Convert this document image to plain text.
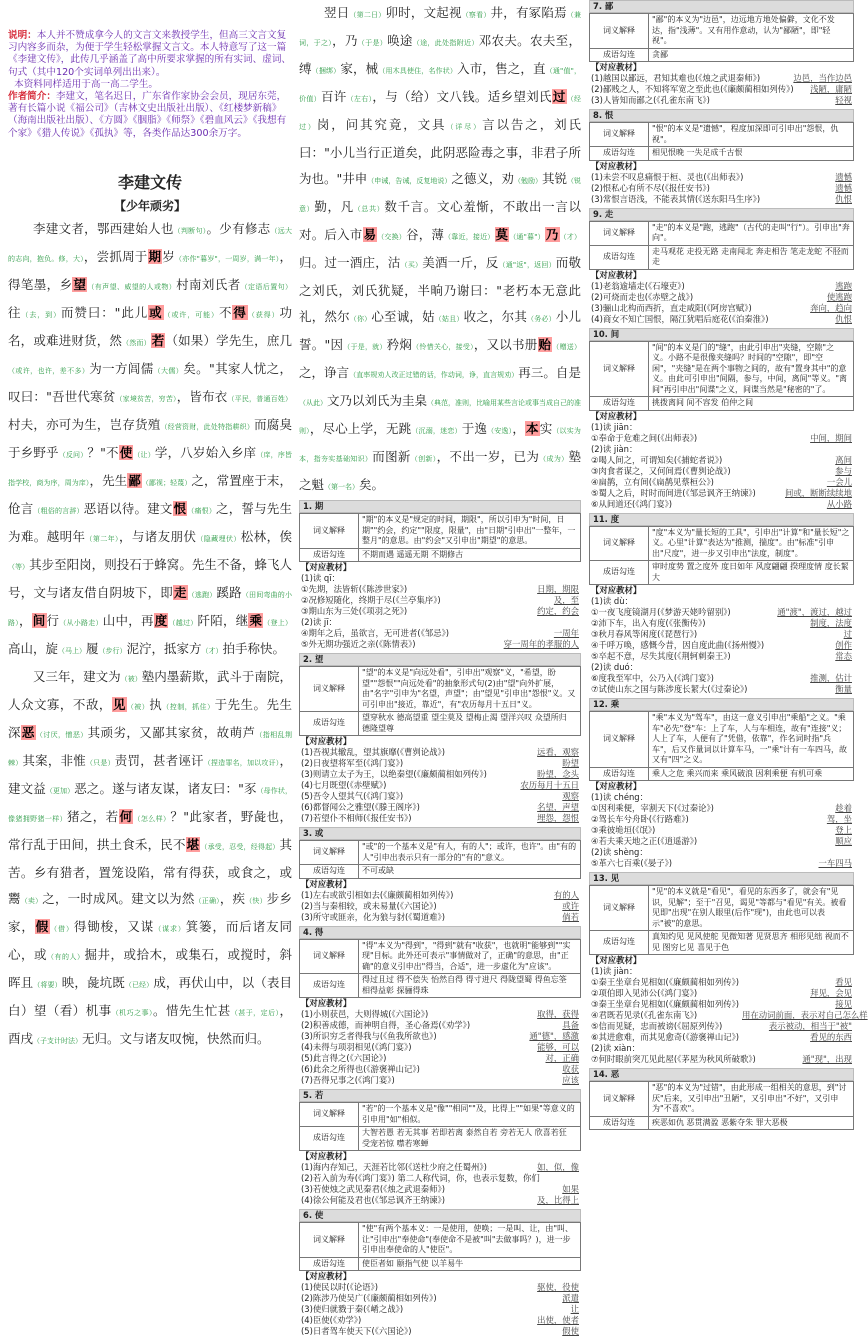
说明：本人并不赞成拿今人的文言文来教授学生，但高三文言文复习内容多而杂，为便于学生轻松掌握文言文。本人特意写了这一篇《李建文传》，此传几乎涵盖了高中所要求掌握的所有实词、虚词、句式（其中120个实词单列出出来）。
本资料同样适用于高一高二学生。
作者简介：李建文，笔名迟日，广东省作家协会会员，现居东莞，著有长篇小说《福公司》（吉林文史出版社出版）、《红楼梦新稿》（海南出版社出版）、《方圆》《胭脂》《师祭》《碧血风云》《我想有个家》《猎人传说》《孤执》等，各类作品达300余万字。
李建文传
【少年顽劣】

李建文者，鄂西建始人也（判断句）。少有修志（远大的志向，抱负。修，大），尝抓周于期岁（亦作"暮岁"，一周岁，满一年），得笔墨，乡望（有声望、威望的人或物）村南刘氏者（定语后置句）往（去，到）而赞曰："此儿或（或许，可能）不得（获得）功名，或难进财货，然（然而）若（如果）学先生，庶几（或许，也许，差不多）为一方闾儒（大儒）矣。"其家人忧之，叹曰："吾世代寒贫（家境贫苦，穷苦），皆布衣（平民，普通百姓）村夫，亦可为生，岂存货殖（经营资财，此处特指耕织）而腐臭于乡野乎（反问）？"不使（让）学，八岁始入乡庠（庠，序皆指学校，商为序，周为庠），先生鄙（鄙视；轻蔑）之，常置座于末，伧言（粗俗的言辞）恶语以待。建文恨（痛恨）之，誓与先生为难。越明年（第二年），与诸友朋伏（隐藏埋伏）松林，俟（等）其步至阳岗，则投石于蜂窝。先生不备，蜂飞人号，文与诸友借自阴坡下，即走（逃跑）蹊路（田间弯曲的小路），间行（从小路走）山中，再度（越过）阡陌，继乘（登上）高山，旋（马上）履（步行）泥泞，抵家方（才）拍手称快。

又三年，建文为（被）塾内墨薪欺，武斗于南院，人众文寡，不敌，见（被）执（控制，抓住）于先生。先生深恶（讨厌，憎恶）其顽劣，又鄙其家贫，故萌芦（指相乱荆棘）其案，非惟（只是）责罚，甚者诬讦（捏造罪名，加以攻讦），建文益（更加）恶之。遂与诸友谋，诸友曰："豕（母作状，像猪拥野猪一样）猪之，若何（怎么样）？"此家者，野彘也，常行乱于田间，拱土食禾，民不堪（承受，忍受，经得起）其苦。乡有猎者，置笼设陷，常有得获，或食之，或鬻（卖）之，一时成风。建文以为然（正确），疾（快）步乡家，假（借）得锄梭，又谋（谋求）箕篓，而后诸友同心，或（有的人）掘井，或拾木，或集石，或搅时，斜晖且（将要）映，彘坑既（已经）成，再伏山中，以（表目白）望（看）机事（机巧之事）。惜先生忙甚（甚于，定后），酉戌（子支计时法）无归。文与诸友叹惋，快然而归。

翌日（第二日）卯时，文起视（察看）井，有冢陷焉（兼词，于之），乃（于是）唤途（途，此处指附近）邓农夫。农夫至，缚（捆绑）家，械（用木具使住，名作状）入市，售之，直（通"值"，价值）百许（左右），与（给）文八钱。适乡望刘氏过（经过）岗，问其究竟，文具（详尽）言以告之，刘氏曰："小儿当行正道矣，此阴恶险毒之事，非君子所为也。"井申（申诫，告诫，反复地说）之德义，劝（勉励）其锐（锐意）勤，凡（总共）数千言。文心羞惭，不敢出一言以对。后入市易（交换）谷，薄（靠近，接近）莫（通"暮"）乃（才）归。过一酒庄，沽（买）美酒一斤，反（通"返"，返回）而敬之刘氏，刘氏犹疑，半晌乃谢曰："老朽本无意此礼，然尔（你）心至诚，姑（姑且）收之，尔其（务必）小儿誓。"因（于是，就）矜焖（怜惜关心，接受），又以书册贻（赠送）之，诤言（直率规劝人改正过错的话，作动词，诤，直言规劝）再三。自是（从此）文乃以刘氏为圭臬（典范，准则，比喻用某些言论或事当成自己的准则），尽心上学，无跳（沉溺，迷恋）于逸（安逸），本实（以实为本，指夯实基础知识）而图新（创新），不出一岁，已为（成为）塾之魁（第一名）矣。

1. 期
词义解释	"期"的本义是"规定的时间，期限"，所以引申为"时间，日期""约会，约定""限度，限量"，由"日期"引申出"一整年，一整月"的意思。由"约会"又引申出"期望"的意思。
成语勾连	不期而遇 遥遥无期 不期修古
【对应教材】
(1)读 qī：
①先期，法皆斩(《陈涉世家》)	日期，期限
②况修短随化，终期于尽(《兰亭集序》)	及，至
③期山东为三处(《项羽之死》)	约定，约会
(2)读 jī：
④期年之后，虽欲言，无可进者(《邹忌》)	一周年
⑤外无期功强近之亲(《陈情表》)	穿一周年的孝服的人
2. 望
词义解释	"望"的本义是"向远处看"，引申出"观察"义，"希望，盼望""怨恨""向远处看"的抽象形式句(2)由"望"向外扩展，由"名字"引申为"名望，声望"；由"望见"引申出"怨恨"义。又可引申出"接近，靠近"，有"农历每月十五日"义。
成语勾连	望穿秋水 德高望重 望尘莫及 望梅止渴 望洋兴叹 众望所归 德隆望尊
【对应教材】
(1)吾视其辙乱，望其旗靡(《曹刿论战》)	远看，观察
(2)日夜望将军至(《鸿门宴》)	盼望
(3)则请立太子为王，以绝秦望(《廉颇蔺相如列传》)	盼望，念头
(4)七月既望(《赤壁赋》)	农历每月十五日
(5)吾令人望其气(《鸿门宴》)	观察
(6)都督闻公之雅望(《滕王阁序》)	名望，声望
(7)若望仆不相师(《报任安书》)	埋怨，怨恨
3. 或
词义解释	"或"的一个基本义是"有人，有的人"；或许，也许"。由"有的人"引申出表示只有一部分的"有的"意义。
成语勾连	不可或缺
【对应教材】
(1)左右或欲引相如去(《廉颇蔺相如列传》)	有的人
(2)当与秦相较，或未易量(《六国论》)	或许
(3)所守或匪亲，化为狼与豺(《蜀道难》)	倘若
4. 得
词义解释	"得"本义为"得到"，"得到"就有"收获"，也就明"能够到""实现"目标。此外还可表示"事情做对了，正确"的意思，由"正确"的意义引申出"得当，合适"，进一步虚化为"应该"。
成语勾连	得过且过 得不偿失 怡然自得 得寸进尺 得陇望蜀 得鱼忘筌 相得益彰 探骊得珠
【对应教材】
(1)小则获邑，大则得城(《六国论》)	取得，获得
(2)积善成德，而神明自得，圣心备焉(《劝学》)	具备
(3)所识穷乏者得我与(《鱼我所欲也》)	通"德"，感激
(4)未得与项羽相见(《鸿门宴》)	能够，可以
(5)此言得之(《六国论》)	对，正确
(6)此余之所得也(《游褒禅山记》)	收获
(7)吾得兄事之(《鸿门宴》)	应该
5. 若
词义解释	"若"的一个基本义是"像""相同""及，比得上""如果"等意义的引申用"如"相似。
成语勾连	大智若愚 若无其事 若即若离 泰然自若 旁若无人 欣喜若狂 受宠若惊 噤若寒蝉
【对应教材】
(1)海内存知己，天涯若比邻(《送杜少府之任蜀州》)	如，似，像
(2)若入前为寿(《鸿门宴》) 第二人称代词，你，也表示复数，你们
(3)若使烛之武见秦君(《烛之武退秦师》)	如果
(4)徐公何能及君也(《邹忌讽齐王纳谏》)	及，比得上
6. 使
词义解释	"使"有两个基本义：一是使用，使唤；一是叫、让，由"叫、让"引申出"奉使命"(奉使命不是被"叫"去做事吗？)，进一步引申出奉使命的人"使臣"。
成语勾连	使臣者如 颐指气使 以羊易牛
【对应教材】
(1)使民以时(《论语》)	驱使，役使
(2)陈涉乃使吴广(《廉颇蔺相如列传》)	派遣
(3)使归就戮于秦(《崤之战》)	让
(4)臣使(《劝学》)	出使，使者
(5)日者驾车使天下(《六国论》)	假使
7. 鄙
词义解释	"鄙"的本义为"边邑"，边远地方地处偏僻，文化不发达，指"浅薄"。又有用作意动，认为"鄙陋"，即"轻视"。
成语勾连	贪鄙
【对应教材】
(1)越国以鄙远，君知其难也(《烛之武退秦师》)	边邑，当作边邑
(2)鄙贱之人，不知将军宽之至此也(《廉颇蔺相如列传》)	浅陋，庸陋
(3)人皆知而鄙之(《孔雀东南飞》)	轻视
8. 恨
词义解释	"恨"的本义是"遗憾"，程度加深即可引申出"怨恨，仇视"。
成语勾连	相见恨晚 一失足成千古恨
【对应教材】
(1)未尝不叹息痛恨于桓、灵也(《出师表》)	遗憾
(2)恨私心有所不尽(《报任安书》)	遗憾
(3)常恨言语浅，不能表其情(《送东阳马生序》)	仇恨
9. 走
词义解释	"走"的本义是"跑，逃跑"（古代的走叫"行"）。引申出"奔向"。
成语勾连	走马观花 走投无路 走南闯北 奔走相告 笔走龙蛇 不胫而走
【对应教材】
(1)老翁逾墙走(《石壕吏》)	逃跑
(2)可烧而走也(《赤壁之战》)	使逃跑
(3)骊山北构而西折，直走咸阳(《阿房宫赋》)	奔向，趋向
(4)商女不知亡国恨，隔江犹唱后庭花(《泊秦淮》)	仇恨
10. 间
词义解释	"间"的本义是门的"缝"，由此引申出"夹缝，空隙"之义。小路不是很像夹缝吗？时间的"空隙"，即"空闲"，"夹缝"是在两个事物之间的，故有"置身其中"的意义。由此可引申出"间隔，参与，中间，离间"等义。"离间"再引申出"间谍"之义，间谍当然是"秘密的"了。
成语勾连	挑拨离间 间不容发 伯仲之间
【对应教材】
(1)读 jiān：
①奉命于危难之间(《出师表》)	中间，期间
(2)读 jiàn：
②喝人间之，可谓知矣(《捕蛇者说》)	离间
③肉食者谋之，又何间焉(《曹刿论战》)	参与
④扁鹊，立有间(《扁鹊见蔡桓公》)	一会儿
⑤蜀人之后，时时而间进(《邹忌讽齐王纳谏》)	间或，断断续续地
⑥从间道还(《鸿门宴》)	从小路
11. 度
词义解释	"度"本义为"量长短的工具"，引申出"计算"和"量长短"之义。心里"计算"表达为"推测，揣度"。由"标准"引申出"尺度"，进一步又引申出"法度，制度"。
成语勾连	审时度势 置之度外 度日如年 风度翩翩 揆理度情 度长絜大
【对应教材】
(1)读 dù：
①一夜飞度镜湖月(《梦游天姥吟留别》)	通"渡"，渡过，越过
②沛下车，出入有度(《张衡传》)	制度，法度
③秋月春风等闲度(《琵琶行》)	过
④千呼万唤，感慨今昔，因自度此曲(《扬州慢》)	创作
⑤卒起不意，尽失其度(《荆轲刺秦王》)	常态
(2)读 duó：
⑥度我至军中，公乃入(《鸿门宴》)	推测，估计
⑦试使山东之国与陈涉度长絜大(《过秦论》)	衡量
12. 乘
词义解释	"乘"本义为"驾车"，由这一意义引申出"乘船"之义。"乘车"必先"登"车：上了车，人与车相连，故有"连接"义；人上了车，人便有了"凭借，依靠"，作名词时指"兵车"，后又作量词以计算车马，一"乘"计有一车四马，故又有"四"之义。
成语勾连	乘人之危 乘兴而来 乘风破浪 因利乘便 有机可乘
【对应教材】
(1)读 chéng：
①因利乘便，宰割天下(《过秦论》)	趁着
②驾长车兮舟卧(《行路难》)	驾，坐
③乘彼垝垣(《氓》)	登上
④若夫乘天地之正(《逍遥游》)	顺应
(2)读 shèng：
⑤革六七百乘(《晏子》)	一车四马
13. 见
词义解释	"见"的本义就是"看见"，看见的东西多了，就会有"见识，见解"；至于"召见，谒见"等都与"看见"有关。被看见即"出现"在别人眼里(后作"现")，由此也可以表示"被"的意思。
成语勾连	真知灼见 见风使舵 见微知著 见贤思齐 相形见绌 视而不见 图穷匕见 喜见于色
【对应教材】
(1)读 jiàn：
①秦王坐章台见相如(《廉颇蔺相如列传》)	看见
②项伯即入见沛公(《鸿门宴》)	拜见，会见
③秦王坐章台见相如(《廉颇蔺相如列传》)	接见
④君既若见录(《孔雀东南飞》)	用在动词前面，表示对自己怎么样
⑤信而见疑，忠而被谤(《屈原列传》)	表示被动，相当于"被"
⑥其进愈难，而其见愈奇(《游褒禅山记》)	看见的东西
(2)读 xiàn：
⑦何时眼前突兀见此屋(《茅屋为秋风所破歌》)	通"现"，出现
14. 恶
词义解释	"恶"的本义为"过错"，由此形成一组相关的意思，到"讨厌"后来，又引申出"丑陋"，又引申出"不好"，又引申为"不喜欢"。
成语勾连	疾恶如仇 恶贯满盈 恶紫夺朱 罪大恶极
